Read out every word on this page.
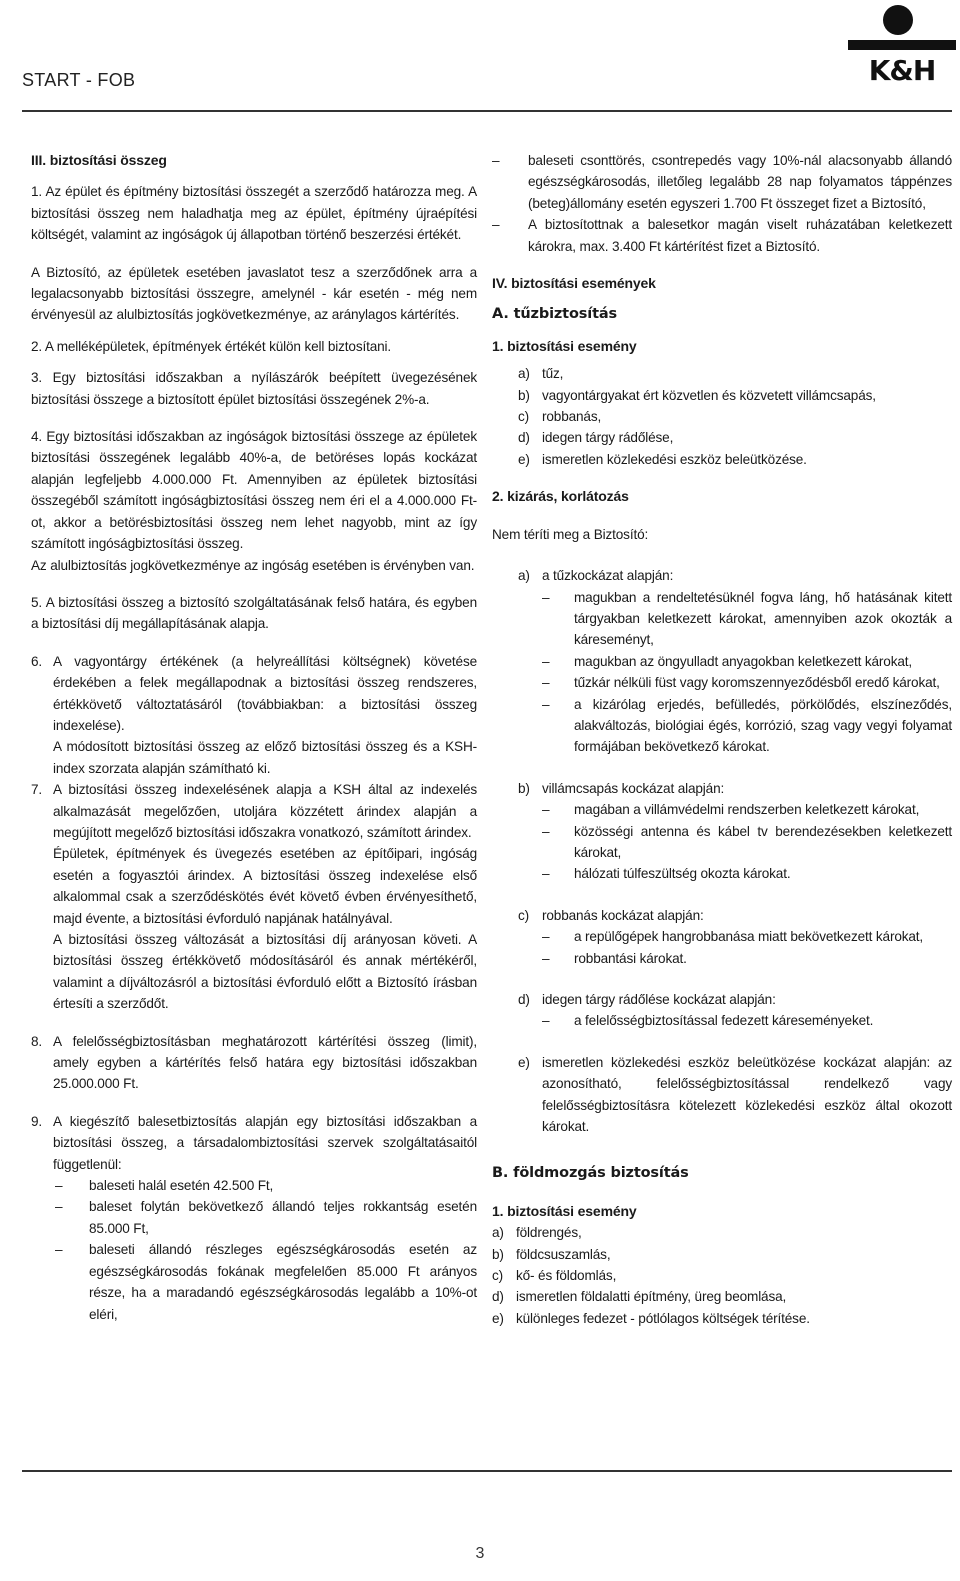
START - FOB	K&H

III. biztosítási összeg

1. Az épület és építmény biztosítási összegét a szerződő határozza meg. A biztosítási összeg nem haladhatja meg az épület, építmény újraépítési költségét, valamint az ingóságok új állapotban történő beszerzési értékét.

A Biztosító, az épületek esetében javaslatot tesz a szerződőnek arra a legalacsonyabb biztosítási összegre, amelynél - kár esetén - még nem érvényesül az alulbiztosítás jogkövetkezménye, az aránylagos kártérítés.

2. A melléképületek, építmények értékét külön kell biztosítani.

3. Egy biztosítási időszakban a nyílászárók beépített üvegezésének biztosítási összege a biztosított épület biztosítási összegének 2%-a.

4. Egy biztosítási időszakban az ingóságok biztosítási összege az épületek biztosítási összegének legalább 40%-a, de betöréses lopás kockázat alapján legfeljebb 4.000.000 Ft. Amennyiben az épületek biztosítási összegéből számított ingóságbiztosítási összeg nem éri el a 4.000.000 Ft-ot, akkor a betörésbiztosítási összeg nem lehet nagyobb, mint az így számított ingóságbiztosítási összeg.

Az alulbiztosítás jogkövetkezménye az ingóság esetében is érvényben van.

5. A biztosítási összeg a biztosító szolgáltatásának felső határa, és egyben a biztosítási díj megállapításának alapja.

6. A vagyontárgy értékének (a helyreállítási költségnek) követése érdekében a felek megállapodnak a biztosítási összeg rendszeres, értékkövető változtatásáról (továbbiakban: a biztosítási összeg indexelése).

A módosított biztosítási összeg az előző biztosítási összeg és a KSH-index szorzata alapján számítható ki.

7. A biztosítási összeg indexelésének alapja a KSH által az indexelés alkalmazását megelőzően, utoljára közzétett árindex alapján a megújított megelőző biztosítási időszakra vonatkozó, számított árindex.

Épületek, építmények és üvegezés esetében az építőipari, ingóság esetén a fogyasztói árindex. A biztosítási összeg indexelése első alkalommal csak a szerződéskötés évét követő évben érvényesíthető, majd évente, a biztosítási évforduló napjának hatálnyával.

A biztosítási összeg változását a biztosítási díj arányosan követi. A biztosítási összeg értékkövető módosításáról és annak mértékéről, valamint a díjváltozásról a biztosítási évforduló előtt a Biztosító írásban értesíti a szerződőt.

8. A felelősségbiztosításban meghatározott kártérítési összeg (limit), amely egyben a kártérítés felső határa egy biztosítási időszakban 25.000.000 Ft.

9. A kiegészítő balesetbiztosítás alapján egy biztosítási időszakban a biztosítási összeg, a társadalombiztosítási szervek szolgáltatásaitól függetlenül:

–	baleseti halál esetén 42.500 Ft,
–	baleset folytán bekövetkező állandó teljes rokkantság esetén 85.000 Ft,
–	baleseti állandó részleges egészségkárosodás esetén az egészségkárosodás fokának megfelelően 85.000 Ft arányos része, ha a maradandó egészségkárosodás legalább a 10%-ot eléri,
–	baleseti csonttörés, csontrepedés vagy 10%-nál alacsonyabb állandó egészségkárosodás, illetőleg legalább 28 nap folyamatos táppénzes (beteg)állomány esetén egyszeri 1.700 Ft összeget fizet a Biztosító,
–	A biztosítottnak a balesetkor magán viselt ruházatában keletkezett károkra, max. 3.400 Ft kártérítést fizet a Biztosító.

IV. biztosítási események

A. tűzbiztosítás

1. biztosítási esemény

a) tűz,
b) vagyontárgyakat ért közvetlen és közvetett villámcsapás,
c) robbanás,
d) idegen tárgy rádőlése,
e) ismeretlen közlekedési eszköz beleütközése.

2. kizárás, korlátozás

Nem téríti meg a Biztosító:

a) a tűzkockázat alapján:
–	magukban a rendeltetésüknél fogva láng, hő hatásának kitett tárgyakban keletkezett károkat, amennyiben azok okozták a káreseményt,
–	magukban az öngyulladt anyagokban keletkezett károkat,
–	tűzkár nélküli füst vagy koromszennyeződésből eredő károkat,
–	a kizárólag erjedés, befülledés, pörkölődés, elszíneződés, alakváltozás, biológiai égés, korrózió, szag vagy vegyi folyamat formájában bekövetkező károkat.
b) villámcsapás kockázat alapján:
–	magában a villámvédelmi rendszerben keletkezett károkat,
–	közösségi antenna és kábel tv berendezésekben keletkezett károkat,
–	hálózati túlfeszültség okozta károkat.
c) robbanás kockázat alapján:
–	a repülőgépek hangrobbanása miatt bekövetkezett károkat,
–	robbantási károkat.
d) idegen tárgy rádőlése kockázat alapján:
–	a felelősségbiztosítással fedezett káreseményeket.
e) ismeretlen közlekedési eszköz beleütközése kockázat alapján: az azonosítható, felelősségbiztosítással rendelkező vagy felelősségbiztosításra kötelezett közlekedési eszköz által okozott károkat.

B. földmozgás biztosítás

1. biztosítási esemény

a) földrengés,
b) földcsuszamlás,
c) kő- és földomlás,
d) ismeretlen földalatti építmény, üreg beomlása,
e) különleges fedezet - pótlólagos költségek térítése.
3
